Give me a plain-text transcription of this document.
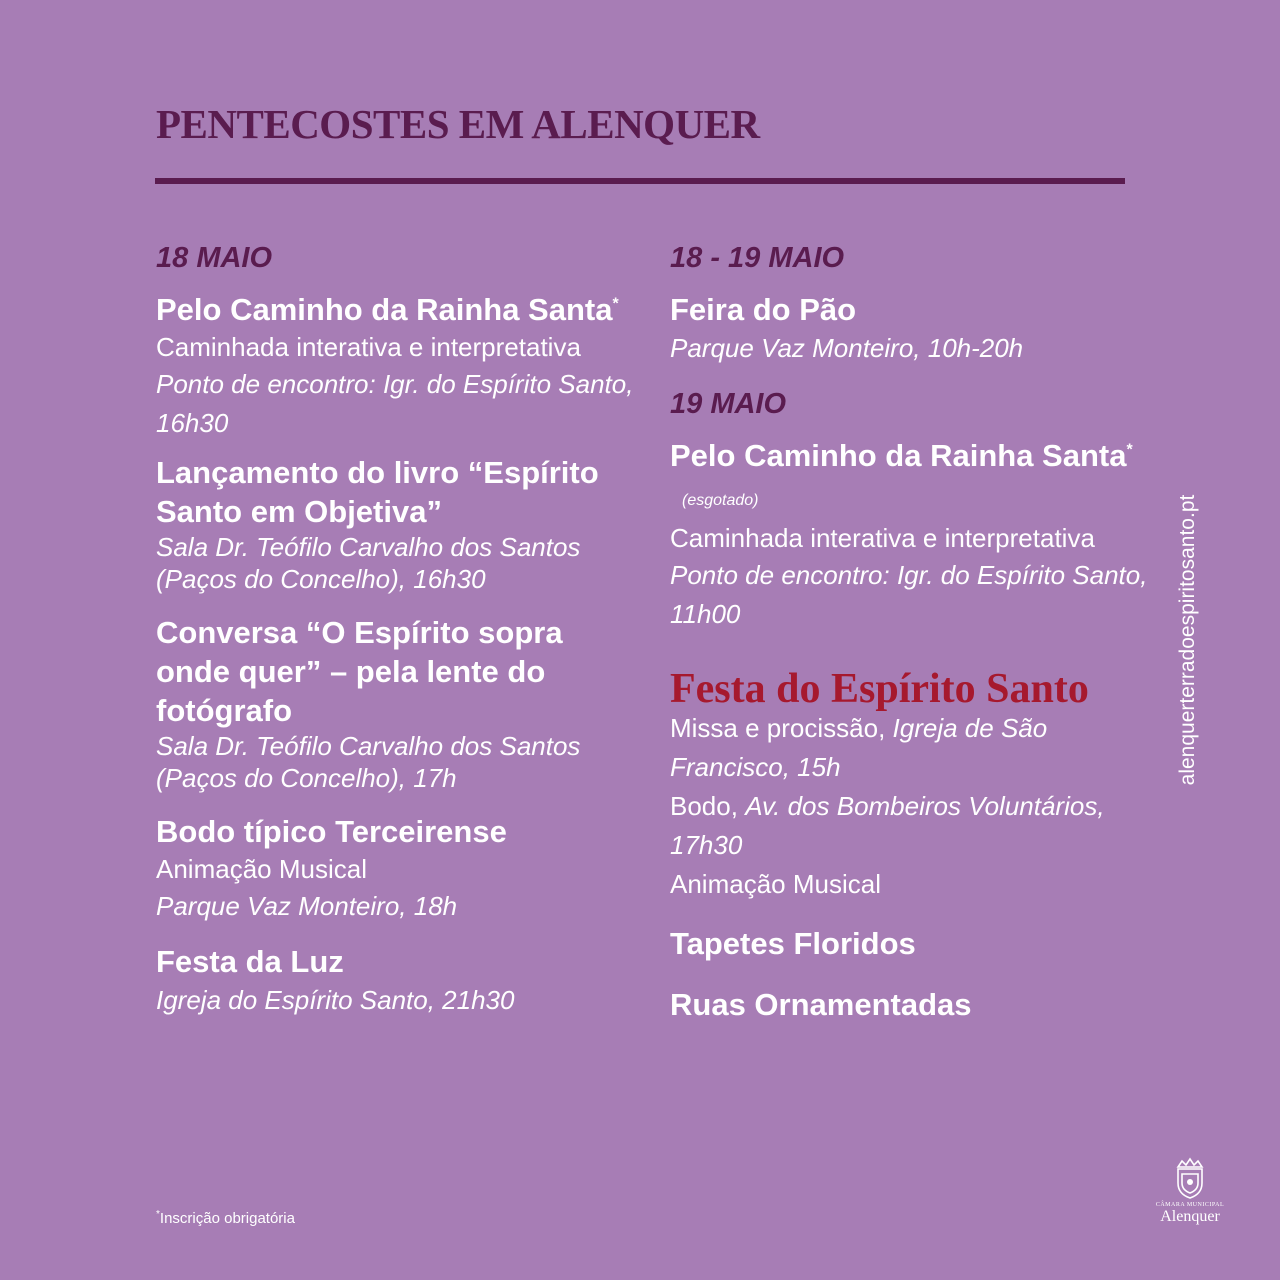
PENTECOSTES EM ALENQUER
18 MAIO
Pelo Caminho da Rainha Santa*
Caminhada interativa e interpretativa
Ponto de encontro: Igr. do Espírito Santo, 16h30
Lançamento do livro “Espírito Santo em Objetiva”
Sala Dr. Teófilo Carvalho dos Santos (Paços do Concelho), 16h30
Conversa “O Espírito sopra onde quer” – pela lente do fotógrafo
Sala Dr. Teófilo Carvalho dos Santos (Paços do Concelho), 17h
Bodo típico Terceirense
Animação Musical
Parque Vaz Monteiro, 18h
Festa da Luz
Igreja do Espírito Santo, 21h30
18 - 19 MAIO
Feira do Pão
Parque Vaz Monteiro, 10h-20h
19 MAIO
Pelo Caminho da Rainha Santa*(esgotado)
Caminhada interativa e interpretativa
Ponto de encontro: Igr. do Espírito Santo, 11h00
Festa do Espírito Santo
Missa e procissão, Igreja de São Francisco, 15h
Bodo, Av. dos Bombeiros Voluntários, 17h30
Animação Musical
Tapetes Floridos
Ruas Ornamentadas
alenquerterradoespiritosanto.pt
*Inscrição obrigatória
CÂMARA MUNICIPAL
Alenquer
